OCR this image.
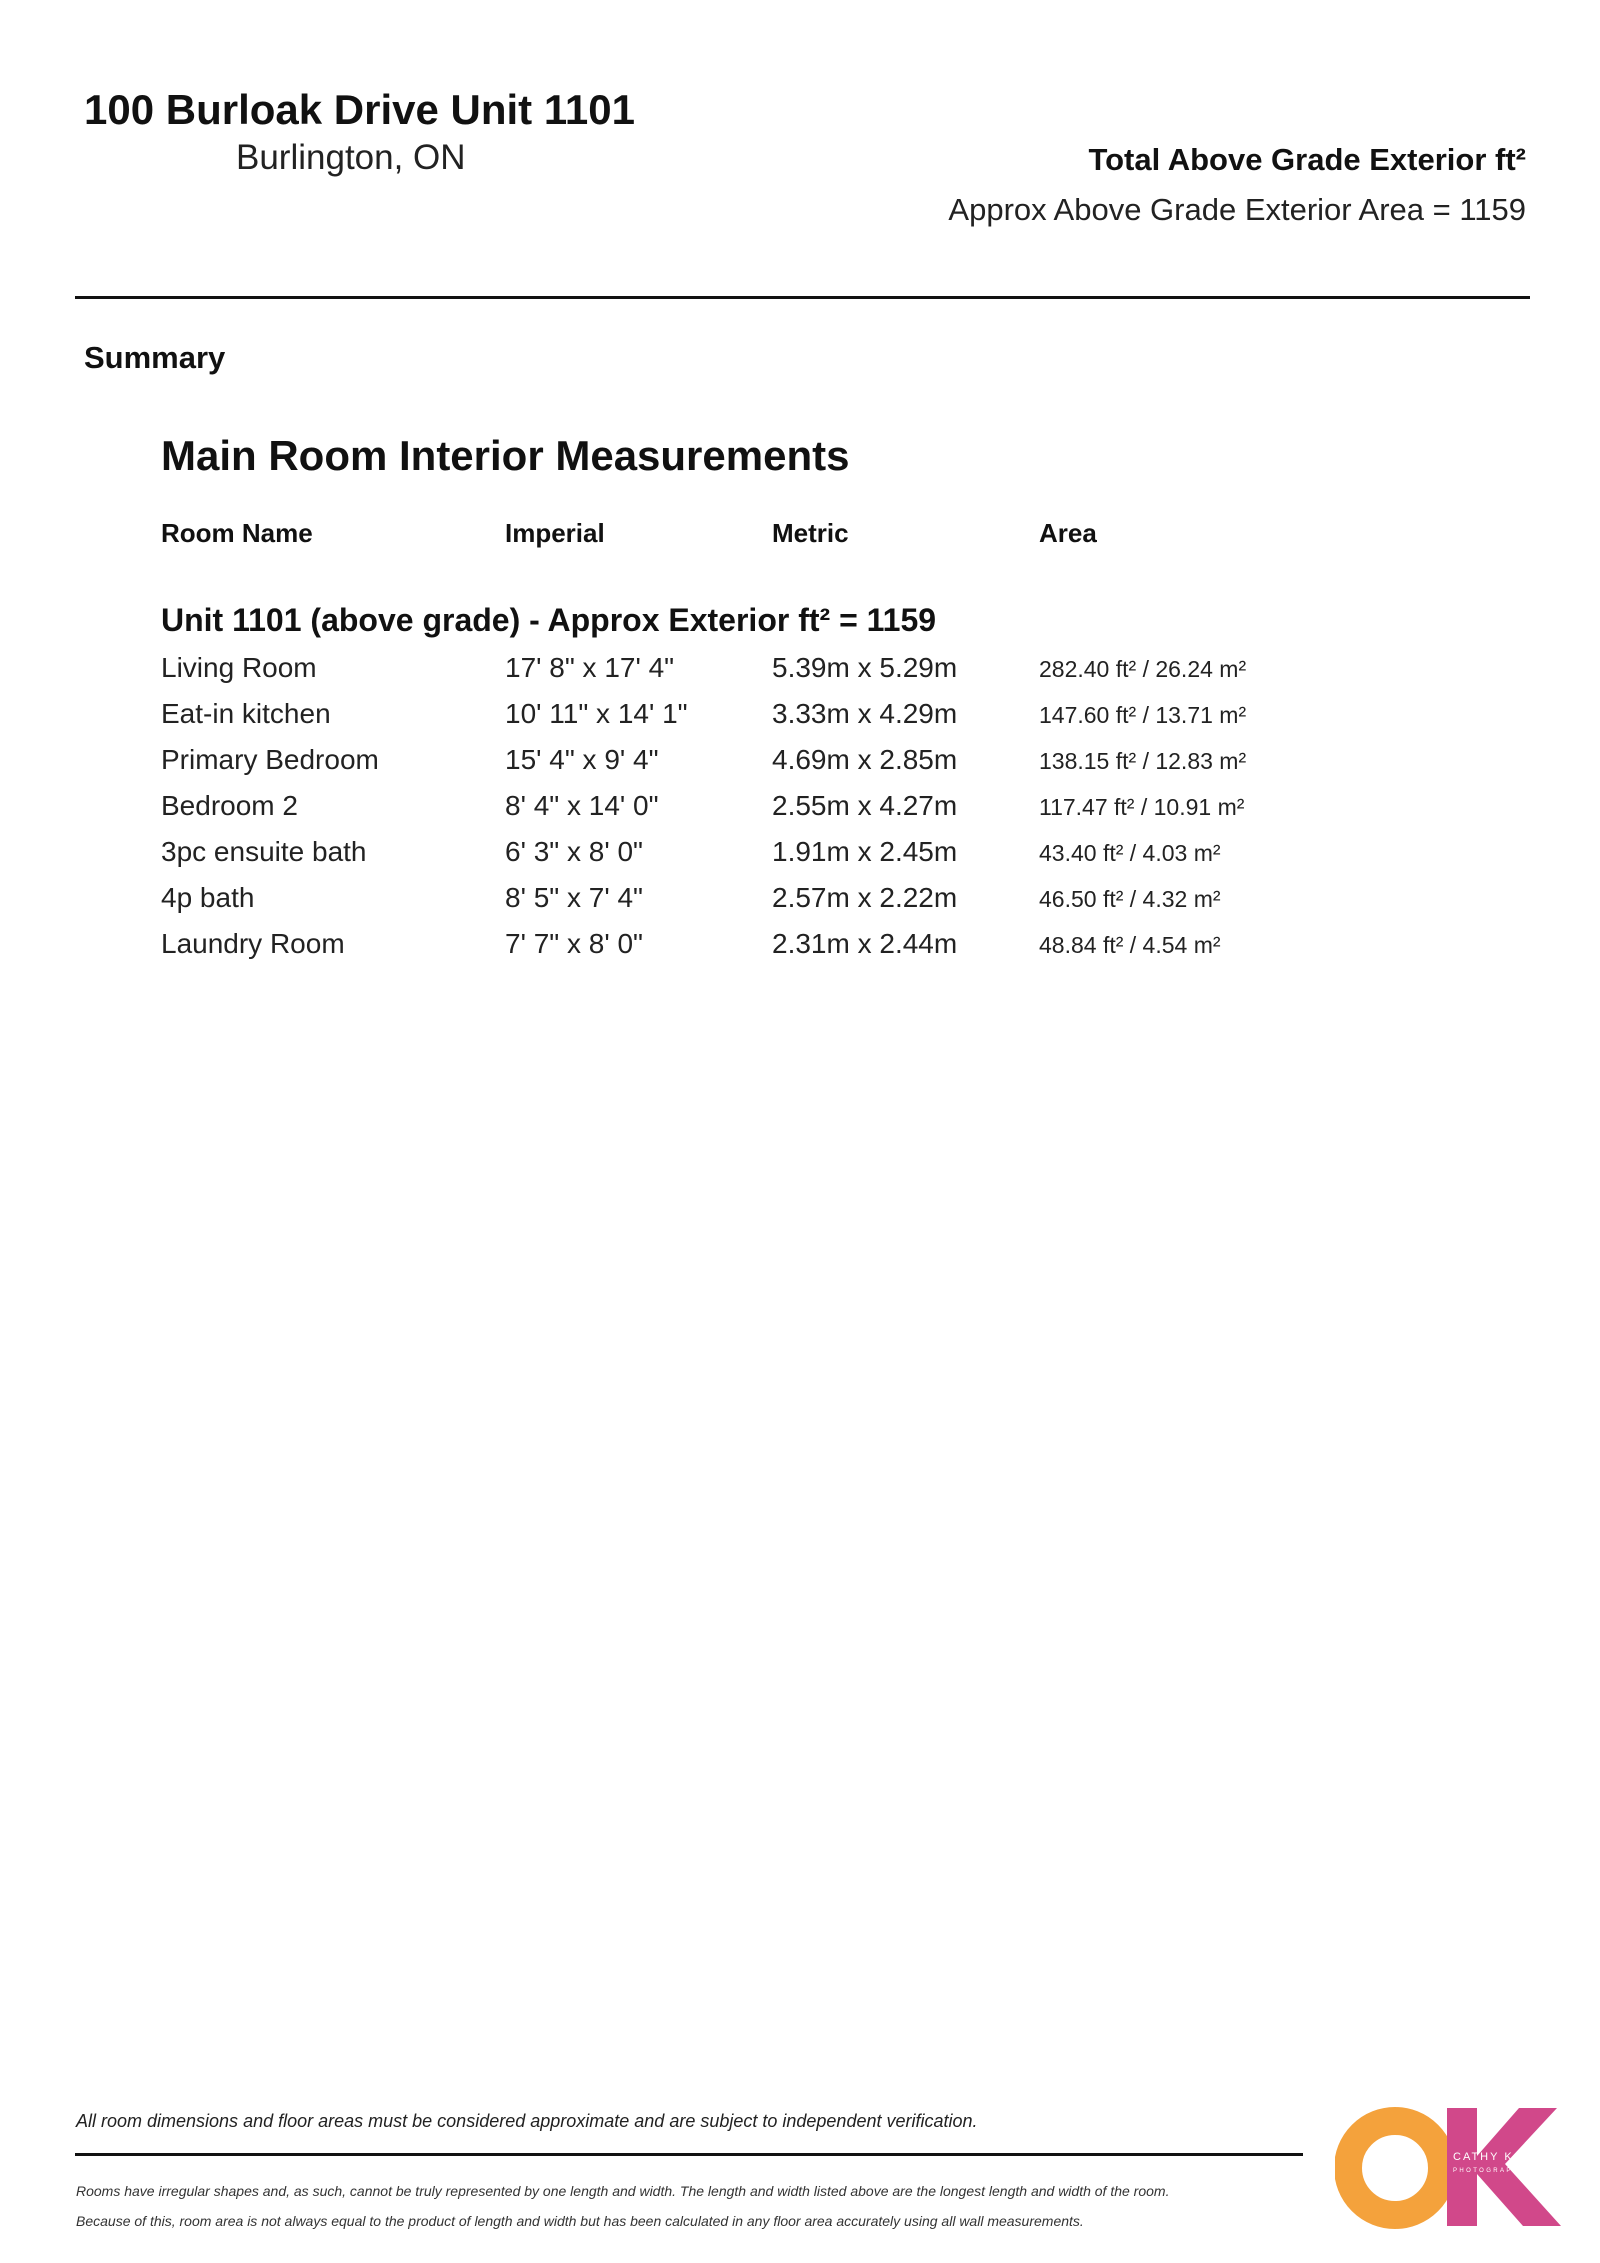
100 Burloak Drive Unit 1101
Burlington, ON	Total Above Grade Exterior ft²
Approx Above Grade Exterior Area = 1159
Summary
Main Room Interior Measurements
Room Name	Imperial	Metric	Area
Unit 1101 (above grade) - Approx Exterior ft² = 1159
Living Room	17' 8" x 17' 4"	5.39m x 5.29m	282.40 ft² / 26.24 m²
Eat-in kitchen	10' 11" x 14' 1"	3.33m x 4.29m	147.60 ft² / 13.71 m²
Primary Bedroom	15' 4" x 9' 4"	4.69m x 2.85m	138.15 ft² / 12.83 m²
Bedroom 2	8' 4" x 14' 0"	2.55m x 4.27m	117.47 ft² / 10.91 m²
3pc ensuite bath	6' 3" x 8' 0"	1.91m x 2.45m	43.40 ft² / 4.03 m²
4p bath	8' 5" x 7' 4"	2.57m x 2.22m	46.50 ft² / 4.32 m²
Laundry Room	7' 7" x 8' 0"	2.31m x 2.44m	48.84 ft² / 4.54 m²
All room dimensions and floor areas must be considered approximate and are subject to independent verification.
Rooms have irregular shapes and, as such, cannot be truly represented by one length and width. The length and width listed above are the longest length and width of the room.
Because of this, room area is not always equal to the product of length and width but has been calculated in any floor area accurately using all wall measurements.
CATHY KOOP
PHOTOGRAPHY
